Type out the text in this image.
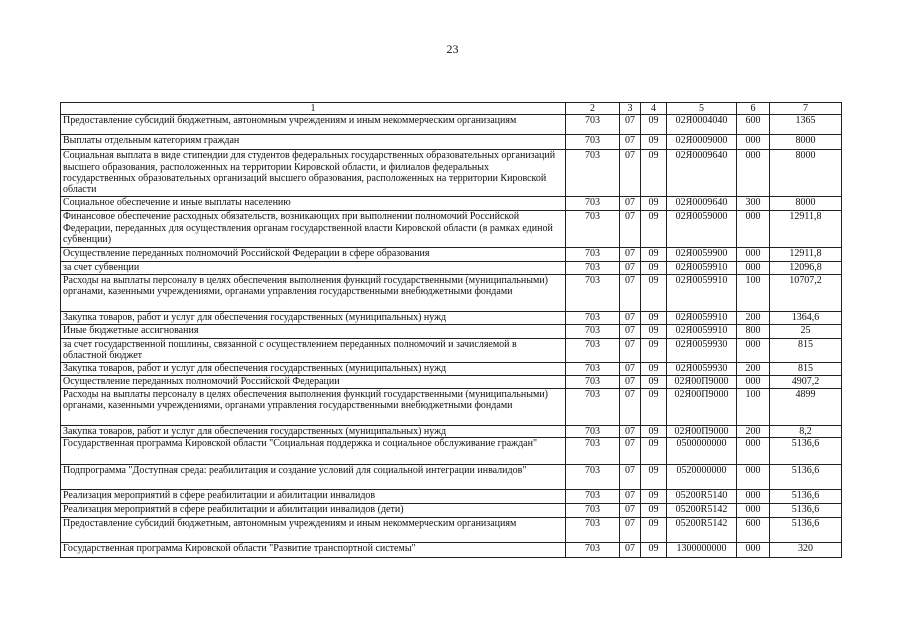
23
1	2	3	4	5	6	7
Предоставление субсидий бюджетным, автономным учреждениям и иным некоммерческим организациям	703	07	09	02Я0004040	600	1365
Выплаты отдельным категориям граждан	703	07	09	02Я0009000	000	8000
Социальная выплата в виде стипендии для студентов федеральных государственных образовательных организаций высшего образования, расположенных на территории Кировской области, и филиалов федеральных государственных образовательных организаций высшего образования, расположенных на территории Кировской области	703	07	09	02Я0009640	000	8000
Социальное обеспечение и иные выплаты населению	703	07	09	02Я0009640	300	8000
Финансовое обеспечение расходных обязательств, возникающих при выполнении полномочий Российской Федерации, переданных для осуществления органам государственной власти Кировской области (в рамках единой субвенции)	703	07	09	02Я0059000	000	12911,8
Осуществление переданных полномочий Российской Федерации в сфере образования	703	07	09	02Я0059900	000	12911,8
за счет субвенции	703	07	09	02Я0059910	000	12096,8
Расходы на выплаты персоналу в целях обеспечения выполнения функций государственными (муниципальными) органами, казенными учреждениями, органами управления государственными внебюджетными фондами	703	07	09	02Я0059910	100	10707,2
Закупка товаров, работ и услуг для обеспечения государственных (муниципальных) нужд	703	07	09	02Я0059910	200	1364,6
Иные бюджетные ассигнования	703	07	09	02Я0059910	800	25
за счет государственной пошлины, связанной с осуществлением переданных полномочий и зачисляемой в областной бюджет	703	07	09	02Я0059930	000	815
Закупка товаров, работ и услуг для обеспечения государственных (муниципальных) нужд	703	07	09	02Я0059930	200	815
Осуществление переданных полномочий Российской Федерации	703	07	09	02Я00П9000	000	4907,2
Расходы на выплаты персоналу в целях обеспечения выполнения функций государственными (муниципальными) органами, казенными учреждениями, органами управления государственными внебюджетными фондами	703	07	09	02Я00П9000	100	4899
Закупка товаров, работ и услуг для обеспечения государственных (муниципальных) нужд	703	07	09	02Я00П9000	200	8,2
Государственная программа Кировской области "Социальная поддержка и социальное обслуживание граждан"	703	07	09	0500000000	000	5136,6
Подпрограмма "Доступная среда: реабилитация и создание условий для социальной интеграции инвалидов"	703	07	09	0520000000	000	5136,6
Реализация мероприятий в сфере реабилитации и абилитации инвалидов	703	07	09	05200R5140	000	5136,6
Реализация мероприятий в сфере реабилитации и абилитации инвалидов (дети)	703	07	09	05200R5142	000	5136,6
Предоставление субсидий бюджетным, автономным учреждениям и иным некоммерческим организациям	703	07	09	05200R5142	600	5136,6
Государственная программа Кировской области "Развитие транспортной системы"	703	07	09	1300000000	000	320
